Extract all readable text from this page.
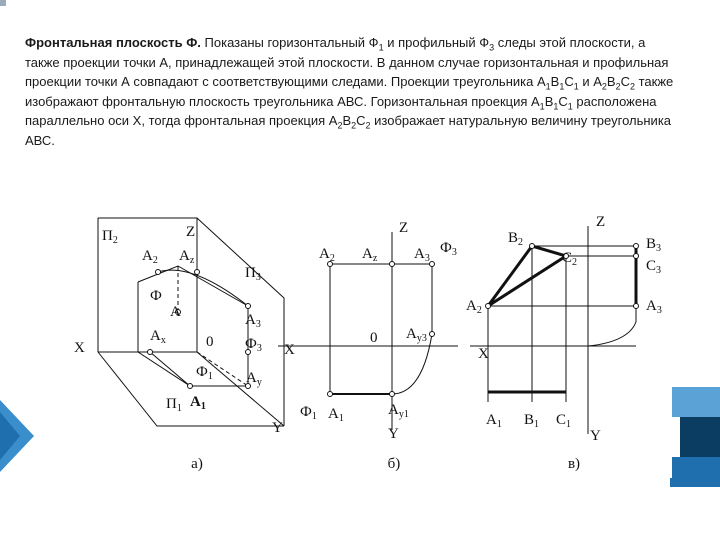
Фронтальная плоскость Ф. Показаны горизонтальный $Ф_1$ и профильный $Ф_3$ следы этой плоскости, а также проекции точки А, принадлежащей этой плоскости. В данном случае горизонтальная и профильная проекции точки А совпадают с соответствующими следами. Проекции треугольника $А_1В_1С_1$ и $А_2В_2С_2$ также изображают фронтальную плоскость треугольника АВС. Горизонтальная проекция $А_1В_1С_1$ расположена параллельно оси Х, тогда фронтальная проекция $А_2В_2С_2$ изображает натуральную величину треугольника АВС.

$П_2$
Z
$A_2$ $A_z$
$П_3$
Ф
A	$A_3$
X
$A_x$	0 $Ф_3$
$Ф_1$ $A_y$
$П_1$ $A_1$
Y
а)
Z
$A_2$ $A_z$ $A_3$
$Ф_3$
X
0 $A_{y3}$
$Ф_1$ $A_1$
$A_{y1}$
Y
б)
Z
$B_2$
$C_2$
$B_3$
$C_3$
$A_2$	$A_3$
X
$A_1$ $B_1$ $C_1$
Y
в)
